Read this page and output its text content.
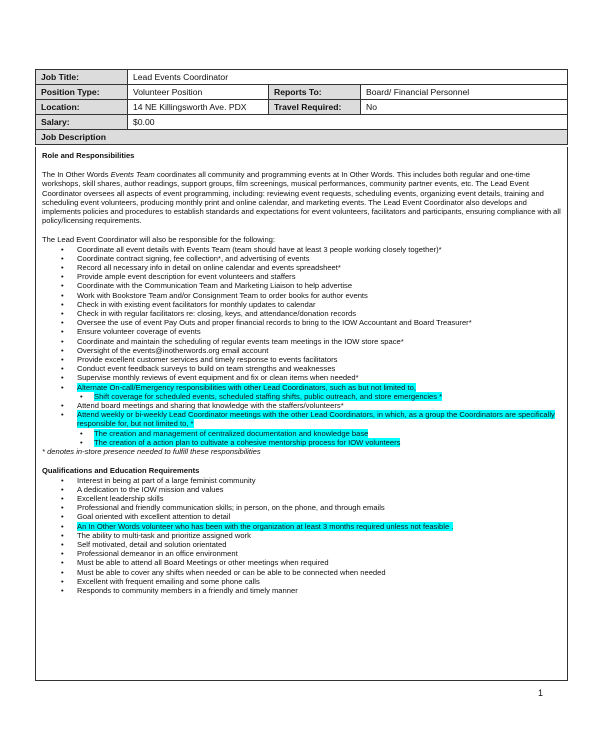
Job Title:	Lead Events Coordinator		
Position Type:	Volunteer Position	Reports To:	Board/ Financial Personnel
Location:	14 NE Killingsworth Ave. PDX	Travel Required:	No
Salary:	$0.00		
Job Description			
Role and Responsibilities
The In Other Words Events Team coordinates all community and programming events at In Other Words. This includes both regular and one-time workshops, skill shares, author readings, support groups, film screenings, musical performances, community partner events, etc. The Lead Event Coordinator oversees all aspects of event programming, including: reviewing event requests, scheduling events, organizing event details, training and scheduling event volunteers, producing monthly print and online calendar, and marketing events. The Lead Event Coordinator also develops and implements policies and procedures to establish standards and expectations for event volunteers, facilitators and participants, ensuring compliance with all policy/licensing requirements.
The Lead Event Coordinator will also be responsible for the following:
• Coordinate all event details with Events Team (team should have at least 3 people working closely together)*
• Coordinate contract signing, fee collection*, and advertising of events
• Record all necessary info in detail on online calendar and events spreadsheet*
• Provide ample event description for event volunteers and staffers
• Coordinate with the Communication Team and Marketing Liaison to help advertise
• Work with Bookstore Team and/or Consignment Team to order books for author events
• Check in with existing event facilitators for monthly updates to calendar
• Check in with regular facilitators re: closing, keys, and attendance/donation records
• Oversee the use of event Pay Outs and proper financial records to bring to the IOW Accountant and Board Treasurer*
• Ensure volunteer coverage of events
• Coordinate and maintain the scheduling of regular events team meetings in the IOW store space*
• Oversight of the events@inotherwords.org email account
• Provide excellent customer services and timely response to events facilitators
• Conduct event feedback surveys to build on team strengths and weaknesses
• Supervise monthly reviews of event equipment and fix or clean items when needed*
• Alternate On-call/Emergency responsibilities with other Lead Coordinators, such as but not limited to,
• Shift coverage for scheduled events, scheduled staffing shifts, public outreach, and store emergencies *
• Attend board meetings and sharing that knowledge with the staffers/volunteers*
• Attend weekly or bi-weekly Lead Coordinator meetings with the other Lead Coordinators, in which, as a group the Coordinators are specifically responsible for, but not limited to, *
• The creation and management of centralized documentation and knowledge base
• The creation of a action plan to cultivate a cohesive mentorship process for IOW volunteers
* denotes in-store presence needed to fulfill these responsibilities
Qualifications and Education Requirements
• Interest in being at part of a large feminist community
• A dedication to the IOW mission and values
• Excellent leadership skills
• Professional and friendly communication skills; in person, on the phone, and through emails
• Goal oriented with excellent attention to detail
• An In Other Words volunteer who has been with the organization at least 3 months required unless not feasible .
• The ability to multi-task and prioritize assigned work
• Self motivated, detail and solution orientated
• Professional demeanor in an office environment
• Must be able to attend all Board Meetings or other meetings when required
• Must be able to cover any shifts when needed or can be able to be connected when needed
• Excellent with frequent emailing and some phone calls
• Responds to community members in a friendly and timely manner
1
